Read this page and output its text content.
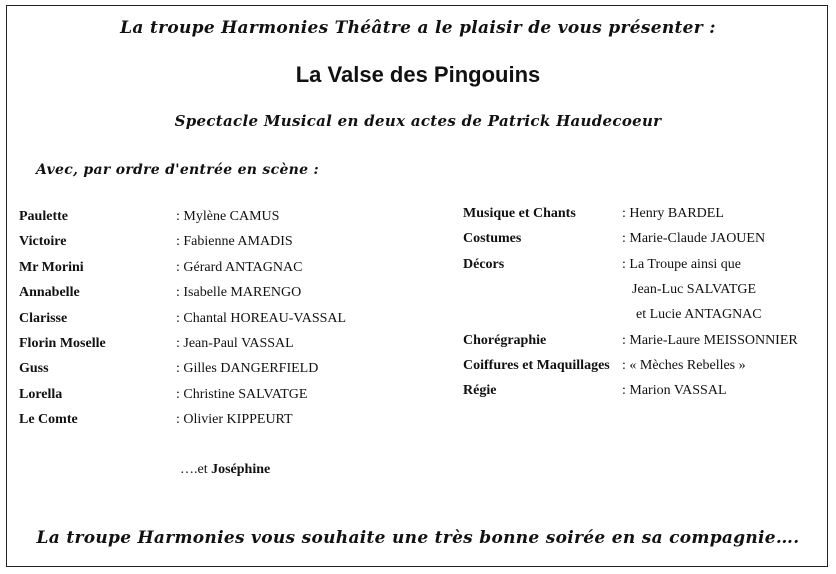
La troupe Harmonies Théâtre a le plaisir de vous présenter :
La Valse des Pingouins
Spectacle Musical en deux actes de Patrick Haudecoeur
Avec, par ordre d'entrée en scène :
Paulette	: Mylène CAMUS
Victoire	: Fabienne AMADIS
Mr Morini	: Gérard ANTAGNAC
Annabelle	: Isabelle MARENGO
Clarisse	: Chantal HOREAU-VASSAL
Florin Moselle	: Jean-Paul VASSAL
Guss	: Gilles DANGERFIELD
Lorella	: Christine SALVATGE
Le Comte	: Olivier KIPPEURT
….et Joséphine
Musique et Chants	: Henry BARDEL
Costumes	: Marie-Claude JAOUEN
Décors	: La Troupe ainsi que
Jean-Luc SALVATGE
et Lucie ANTAGNAC
Chorégraphie	: Marie-Laure MEISSONNIER
Coiffures et Maquillages : « Mèches Rebelles »
Régie	: Marion VASSAL
La troupe Harmonies vous souhaite une très bonne soirée en sa compagnie….
